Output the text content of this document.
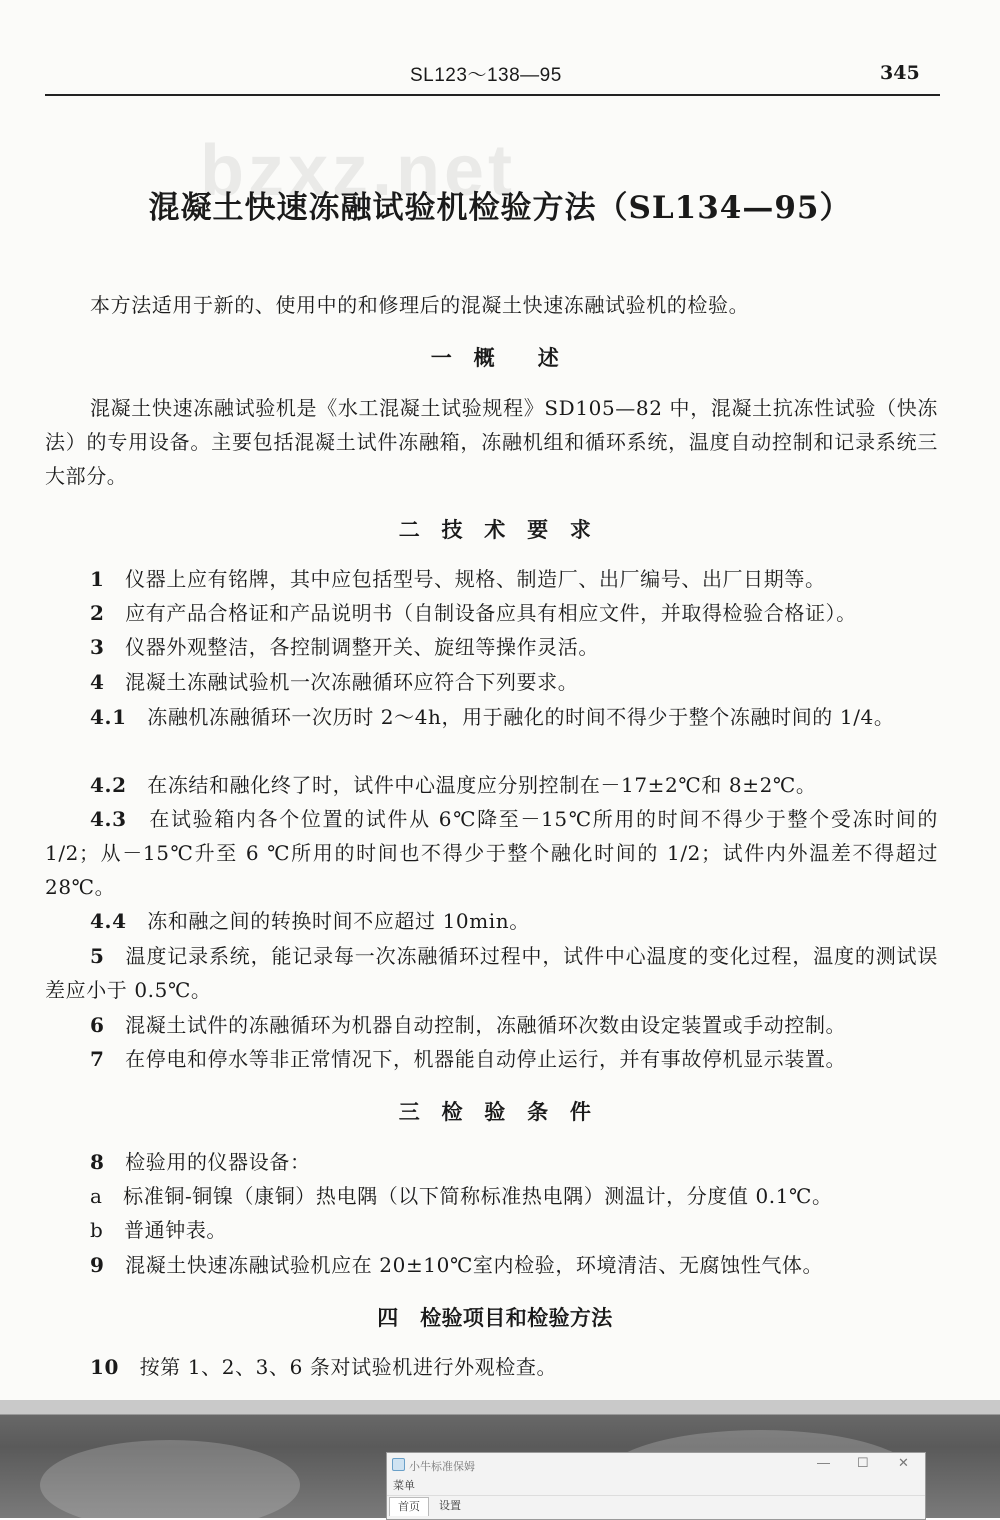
SL123～138—95	345
bzxz.net
混凝土快速冻融试验机检验方法（SL134—95）

本方法适用于新的、使用中的和修理后的混凝土快速冻融试验机的检验。

一　概　　述

混凝土快速冻融试验机是《水工混凝土试验规程》SD105—82 中，混凝土抗冻性试验（快冻法）的专用设备。主要包括混凝土试件冻融箱，冻融机组和循环系统，温度自动控制和记录系统三大部分。

二　技　术　要　求

1　 仪器上应有铭牌，其中应包括型号、规格、制造厂、出厂编号、出厂日期等。

2　 应有产品合格证和产品说明书（自制设备应具有相应文件，并取得检验合格证）。

3　 仪器外观整洁，各控制调整开关、旋纽等操作灵活。

4　 混凝土冻融试验机一次冻融循环应符合下列要求。

4.1　 冻融机冻融循环一次历时 2～4h，用于融化的时间不得少于整个冻融时间的 1/4。

4.2　 在冻结和融化终了时，试件中心温度应分别控制在－17±2℃和 8±2℃。

4.3　 在试验箱内各个位置的试件从 6℃降至－15℃所用的时间不得少于整个受冻时间的 1/2；从－15℃升至 6 ℃所用的时间也不得少于整个融化时间的 1/2；试件内外温差不得超过 28℃。

4.4　 冻和融之间的转换时间不应超过 10min。

5　 温度记录系统，能记录每一次冻融循环过程中，试件中心温度的变化过程，温度的测试误差应小于 0.5℃。

6　 混凝土试件的冻融循环为机器自动控制，冻融循环次数由设定装置或手动控制。

7　 在停电和停水等非正常情况下，机器能自动停止运行，并有事故停机显示装置。

三　检　验　条　件

8　 检验用的仪器设备：

a　 标准铜-铜镍（康铜）热电隅（以下简称标准热电隅）测温计，分度值 0.1℃。

b　 普通钟表。

9　 混凝土快速冻融试验机应在 20±10℃室内检验，环境清洁、无腐蚀性气体。

四　检验项目和检验方法

10　 按第 1、2、3、6 条对试验机进行外观检查。

小牛标准保姆	— ☐ ✕
菜单
首页	设置
